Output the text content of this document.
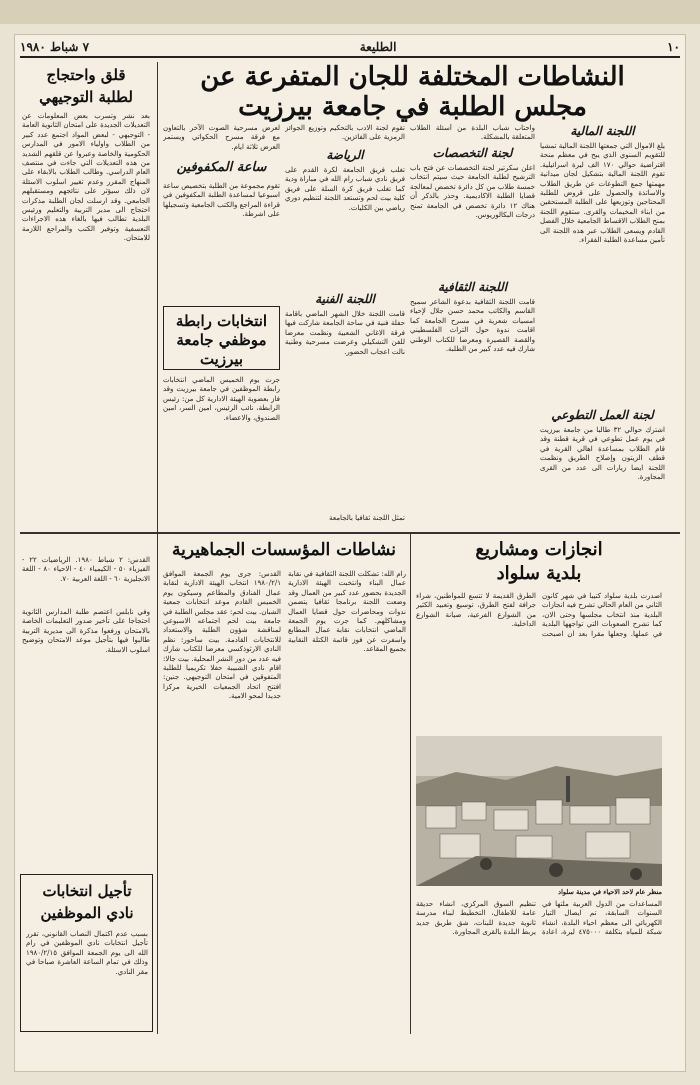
١٠
الطليعة
٧ شباط ١٩٨٠
النشاطات المختلفة للجان المتفرعة عن
مجلس الطلبة في جامعة بيرزيت
اللجنة المالية
يلغ الاموال التي جمعتها اللجنة المالية تمشيا للتقويم السنوي الذي يبح في معظم منحة اقتراضية حوالي ١٧٠ الف ليرة اسرائيلية. تقوم اللجنة المالية بتشكيل لجان ميدانية مهمتها جمع التطوعات عن طريق الطلاب والاساتذة والحصول على قروض للطلبة المحتاجين وتوزيعها على الطلبة المستحقين من ابناء المخيمات والقرى. ستقوم اللجنة بمنح الطلاب الاقساط الجامعية خلال الفصل القادم ويسعى الطلاب عبر هذه اللجنة الى تأمين مساعدة الطلبة الفقراء.
لجنة العمل التطوعي
اشترك حوالي ٣٢ طالبا من جامعة بيرزيت في يوم عمل تطوعي في قرية قطنة وقد قام الطلاب بمساعدة اهالي القرية في قطف الزيتون وإصلاح الطريق ونظمت اللجنة ايضا زيارات الى عدد من القرى المجاورة.
واحتاب شباب البلدة من أسئلة الطلاب المتعلقة بالمشكلة.
لجنة التخصصات
اعلن سكرتير لجنة التخصصات عن فتح باب الترشيح لطلبة الجامعة حيث سيتم انتخاب خمسة طلاب من كل دائرة تخصص لمعالجة قضايا الطلبة الاكاديمية. وحذر بالذكر أن هناك ١٢ دائرة تخصص في الجامعة تمنح درجات البكالوريوس.
اللجنة الثقافية
قامت اللجنة الثقافية بدعوة الشاعر سميح القاسم والكاتب محمد حسن جلال لإحياء امسيات شعرية في مسرح الجامعة كما اقامت ندوة حول التراث الفلسطيني والقصة القصيرة ومعرضا للكتاب الوطني شارك فيه عدد كبير من الطلبة.
تقوم لجنة الادب بالتحكيم وتوزيع الجوائز الرمزية على الفائزين.
الرياضة
تغلب فريق الجامعة لكرة القدم على فريق نادي شباب رام الله في مباراة ودية كما تغلب فريق كرة السلة على فريق كلية بيت لحم وتستعد اللجنة لتنظيم دوري رياضي بين الكليات.
اللجنة الفنية
قامت اللجنة خلال الشهر الماضي باقامة حفلة فنية في ساحة الجامعة شاركت فيها فرقة الاغاني الشعبية ونظمت معرضا للفن التشكيلي وعرضت مسرحية وطنية نالت اعجاب الحضور.
تمثل اللجنة ثقافيا بالجامعة
لعرض مسرحية الصوت الآخر بالتعاون مع فرقة مسرح الحكواتي ويستمر العرض ثلاثة ايام.
ساعة المكفوفين
تقوم مجموعة من الطلبة بتخصيص ساعة اسبوعيا لمساعدة الطلبة المكفوفين في قراءة المراجع والكتب الجامعية وتسجيلها على اشرطة.
انتخابات رابطة موظفي جامعة بيرزيت
جرت يوم الخميس الماضي انتخابات رابطة الموظفين في جامعة بيرزيت وقد فاز بعضوية الهيئة الادارية كل من: رئيس الرابطة، نائب الرئيس، امين السر، امين الصندوق، والاعضاء.
قلق واحتجاج
لطلبة التوجيهي
بعد نشر وتسرب بعض المعلومات عن التعديلات الجديدة على امتحان الثانوية العامة - التوجيهي - لبعض المواد اجتمع عدد كبير من الطلاب واولياء الامور في المدارس الحكومية والخاصة وعبروا عن قلقهم الشديد من هذه التعديلات التي جاءت في منتصف العام الدراسي. وطالب الطلاب بالابقاء على المنهاج المقرر وعدم تغيير اسلوب الاسئلة لان ذلك سيؤثر على نتائجهم ومستقبلهم الجامعي. وقد ارسلت لجان الطلبة مذكرات احتجاج الى مدير التربية والتعليم ورئيس البلدية تطالب فيها بالغاء هذه الاجراءات التعسفية وتوفير الكتب والمراجع اللازمة للامتحان.
القدس: ٢ شباط ١٩٨٠. الرياضيات ٢٢ - الفيزياء ٥٠ - الكيمياء ٤٠ - الاحياء ٨٠ - اللغة الانجليزية ٦٠ - اللغة العربية ٧٠.
وفي نابلس اعتصم طلبة المدارس الثانوية احتجاجا على تأخير صدور التعليمات الخاصة بالامتحان ورفعوا مذكرة الى مديرية التربية طالبوا فيها بتأجيل موعد الامتحان وتوضيح اسلوب الاسئلة.
تأجيل انتخابات
نادي الموظفين
بسبب عدم اكتمال النصاب القانوني، تقرر تأجيل انتخابات نادي الموظفين في رام الله الى يوم الجمعة الموافق ١٩٨٠/٢/١٥ وذلك في تمام الساعة العاشرة صباحا في مقر النادي.
نشاطات المؤسسات الجماهيرية
رام الله: تشكلت اللجنة الثقافية في نقابة عمال البناء وانتخبت الهيئة الادارية الجديدة بحضور عدد كبير من العمال وقد وضعت اللجنة برنامجا ثقافيا يتضمن ندوات ومحاضرات حول قضايا العمال ومشاكلهم. كما جرت يوم الجمعة الماضي انتخابات نقابة عمال المطابع واسفرت عن فوز قائمة الكتلة النقابية بجميع المقاعد.
القدس: جرى يوم الجمعة الموافق ١٩٨٠/٢/١ انتخاب الهيئة الادارية لنقابة عمال الفنادق والمطاعم وسيكون يوم الخميس القادم موعد انتخابات جمعية الشبان. بيت لحم: عقد مجلس الطلبة في جامعة بيت لحم اجتماعه الاسبوعي لمناقشة شؤون الطلبة والاستعداد للانتخابات القادمة. بيت ساحور: نظم النادي الارثوذكسي معرضا للكتاب شارك فيه عدد من دور النشر المحلية. بيت جالا: اقام نادي الشبيبة حفلا تكريميا للطلبة المتفوقين في امتحان التوجيهي. جنين: افتتح اتحاد الجمعيات الخيرية مركزا جديدا لمحو الامية.
انجازات ومشاريع
بلدية سلواد
اصدرت بلدية سلواد كتيبا في شهر كانون الثاني من العام الحالي تشرح فيه انجازات البلدية منذ انتخاب مجلسها وحتى الان، كما تشرح الصعوبات التي تواجهها البلدية في عملها. وجعلها مقرا بعد ان اصبحت الطرق القديمة لا تتسع للمواطنين، شراء جرافة لفتح الطرق، توسيع وتعبيد الكثير من الشوارع الفرعية، صيانة الشوارع الداخلية.
منظر عام لاحد الاحياء في مدينة سلواد
المساعدات من الدول العربية ملتها في السنوات السابقة، تم ايصال التيار الكهربائي الى معظم احياء البلدة، انشاء شبكة للمياه بتكلفة ٤٧٥٠٠٠ ليرة، اعادة تنظيم السوق المركزي، انشاء حديقة عامة للاطفال، التخطيط لبناء مدرسة ثانوية جديدة للبنات، شق طريق جديد يربط البلدة بالقرى المجاورة.
